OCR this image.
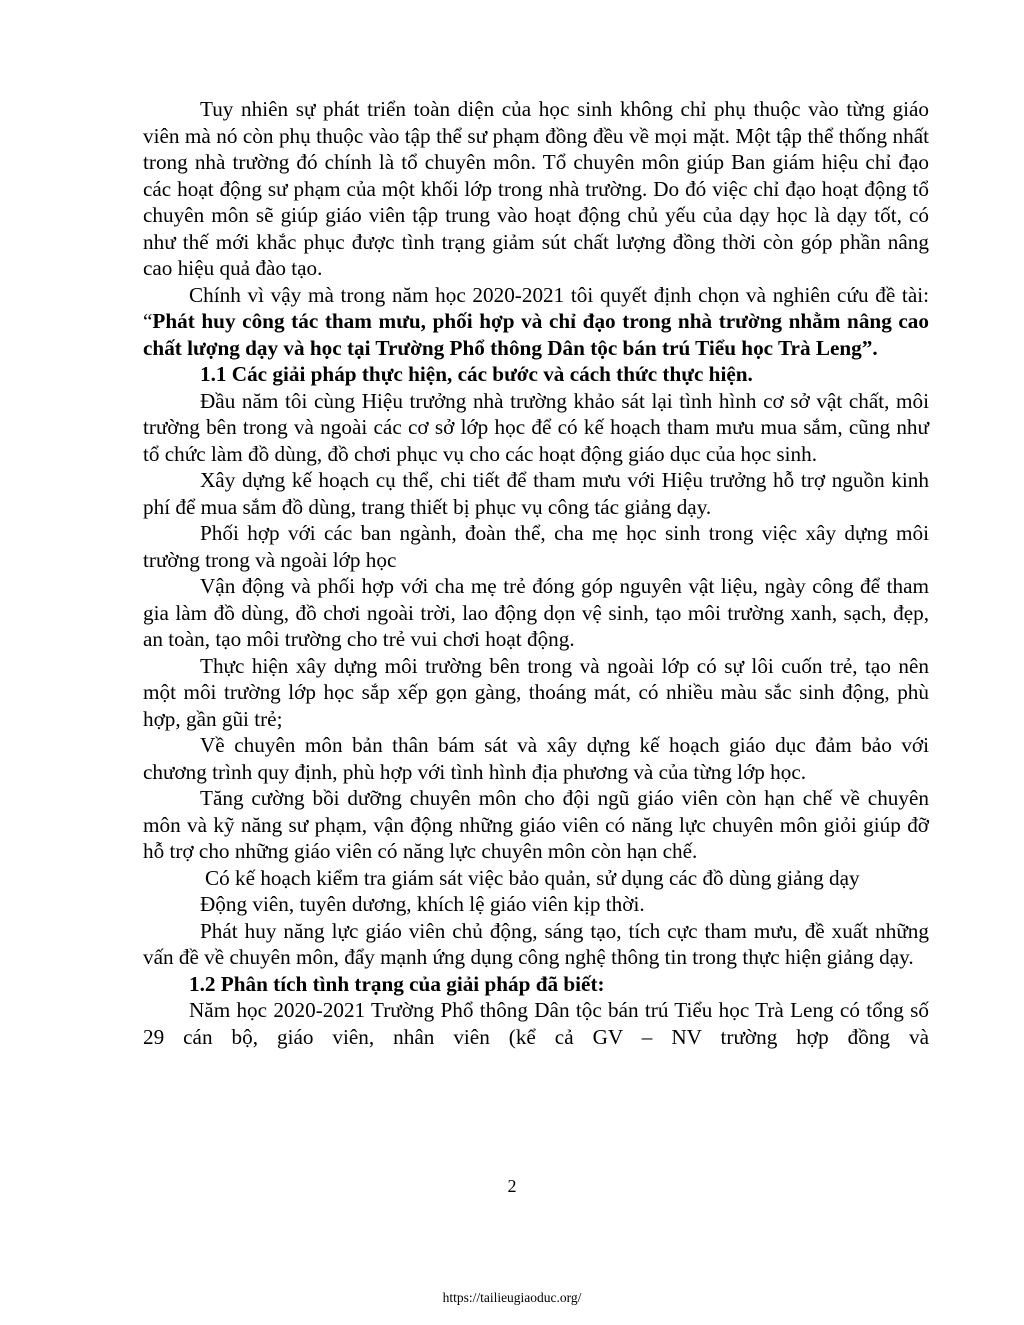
Tuy nhiên sự phát triển toàn diện của học sinh không chỉ phụ thuộc vào từng giáo viên mà nó còn phụ thuộc vào tập thể sư phạm đồng đều về mọi mặt. Một tập thể thống nhất trong nhà trường đó chính là tổ chuyên môn. Tổ chuyên môn giúp Ban giám hiệu chỉ đạo các hoạt động sư phạm của một khối lớp trong nhà trường. Do đó việc chỉ đạo hoạt động tổ chuyên môn sẽ giúp giáo viên tập trung vào hoạt động chủ yếu của dạy học là dạy tốt, có như thế mới khắc phục được tình trạng giảm sút chất lượng đồng thời còn góp phần nâng cao hiệu quả đào tạo.

Chính vì vậy mà trong năm học 2020-2021 tôi quyết định chọn và nghiên cứu đề tài: “Phát huy công tác tham mưu, phối hợp và chỉ đạo trong nhà trường nhằm nâng cao chất lượng dạy và học tại Trường Phổ thông Dân tộc bán trú Tiểu học Trà Leng”.

1.1 Các giải pháp thực hiện, các bước và cách thức thực hiện.

Đầu năm tôi cùng Hiệu trưởng nhà trường khảo sát lại tình hình cơ sở vật chất, môi trường bên trong và ngoài các cơ sở lớp học để có kế hoạch tham mưu mua sắm, cũng như tổ chức làm đồ dùng, đồ chơi phục vụ cho các hoạt động giáo dục của học sinh.

Xây dựng kế hoạch cụ thể, chi tiết để tham mưu với Hiệu trưởng hỗ trợ nguồn kinh phí để mua sắm đồ dùng, trang thiết bị phục vụ công tác giảng dạy.

Phối hợp với các ban ngành, đoàn thể, cha mẹ học sinh trong việc xây dựng môi trường trong và ngoài lớp học

Vận động và phối hợp với cha mẹ trẻ đóng góp nguyên vật liệu, ngày công để tham gia làm đồ dùng, đồ chơi ngoài trời, lao động dọn vệ sinh, tạo môi trường xanh, sạch, đẹp, an toàn, tạo môi trường cho trẻ vui chơi hoạt động.

Thực hiện xây dựng môi trường bên trong và ngoài lớp có sự lôi cuốn trẻ, tạo nên một môi trường lớp học sắp xếp gọn gàng, thoáng mát, có nhiều màu sắc sinh động, phù hợp, gần gũi trẻ;

Về chuyên môn bản thân bám sát và xây dựng kế hoạch giáo dục đảm bảo với chương trình quy định, phù hợp với tình hình địa phương và của từng lớp học.

Tăng cường bồi dưỡng chuyên môn cho đội ngũ giáo viên còn hạn chế về chuyên môn và kỹ năng sư phạm, vận động những giáo viên có năng lực chuyên môn giỏi giúp đỡ hỗ trợ cho những giáo viên có năng lực chuyên môn còn hạn chế.

Có kế hoạch kiểm tra giám sát việc bảo quản, sử dụng các đồ dùng giảng dạy

Động viên, tuyên dương, khích lệ giáo viên kịp thời.

Phát huy năng lực giáo viên chủ động, sáng tạo, tích cực tham mưu, đề xuất những vấn đề về chuyên môn, đẩy mạnh ứng dụng công nghệ thông tin trong thực hiện giảng dạy.

1.2 Phân tích tình trạng của giải pháp đã biết:

Năm học 2020-2021 Trường Phổ thông Dân tộc bán trú Tiểu học Trà Leng có tổng số 29 cán bộ, giáo viên, nhân viên (kể cả GV – NV trường hợp đồng và

2
https://tailieugiaoduc.org/
